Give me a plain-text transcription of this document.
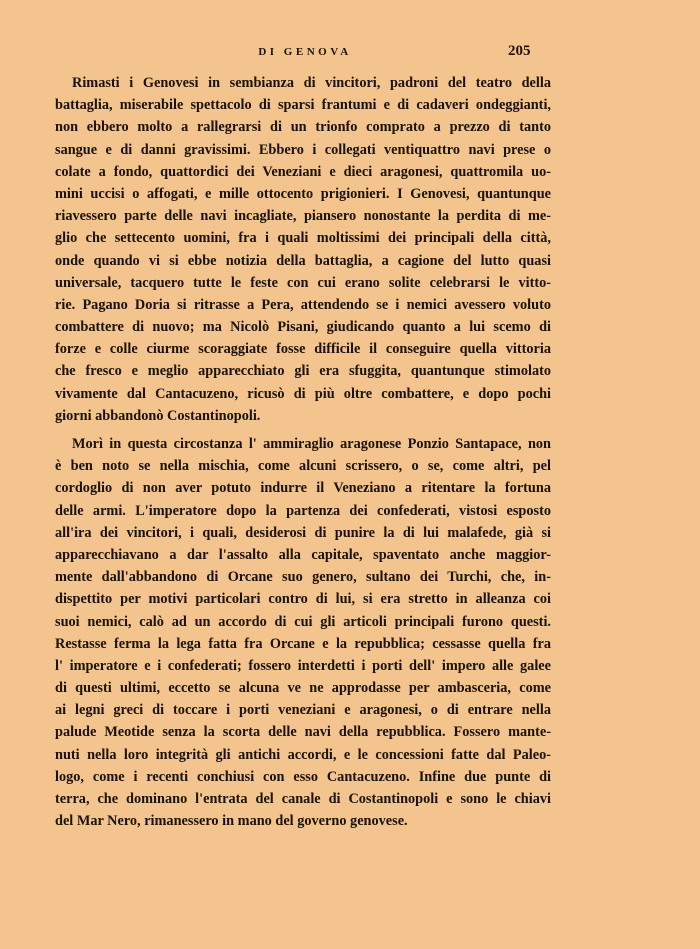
DI GENOVA	205
Rimasti i Genovesi in sembianza di vincitori, padroni del teatro della
battaglia, miserabile spettacolo di sparsi frantumi e di cadaveri ondeggianti,
non ebbero molto a rallegrarsi di un trionfo comprato a prezzo di tanto
sangue e di danni gravissimi. Ebbero i collegati ventiquattro navi prese o
colate a fondo, quattordici dei Veneziani e dieci aragonesi, quattromila uo-
mini uccisi o affogati, e mille ottocento prigionieri. I Genovesi, quantunque
riavessero parte delle navi incagliate, piansero nonostante la perdita di me-
glio che settecento uomini, fra i quali moltissimi dei principali della città,
onde quando vi si ebbe notizia della battaglia, a cagione del lutto quasi
universale, tacquero tutte le feste con cui erano solite celebrarsi le vitto-
rie. Pagano Doria si ritrasse a Pera, attendendo se i nemici avessero voluto
combattere di nuovo; ma Nicolò Pisani, giudicando quanto a lui scemo di
forze e colle ciurme scoraggiate fosse difficile il conseguire quella vittoria
che fresco e meglio apparecchiato gli era sfuggita, quantunque stimolato
vivamente dal Cantacuzeno, ricusò di più oltre combattere, e dopo pochi
giorni abbandonò Costantinopoli.
Morì in questa circostanza l' ammiraglio aragonese Ponzio Santapace, non
è ben noto se nella mischia, come alcuni scrissero, o se, come altri, pel
cordoglio di non aver potuto indurre il Veneziano a ritentare la fortuna
delle armi. L'imperatore dopo la partenza dei confederati, vistosi esposto
all'ira dei vincitori, i quali, desiderosi di punire la di lui malafede, già si
apparecchiavano a dar l'assalto alla capitale, spaventato anche maggior-
mente dall'abbandono di Orcane suo genero, sultano dei Turchi, che, in-
dispettito per motivi particolari contro di lui, si era stretto in alleanza coi
suoi nemici, calò ad un accordo di cui gli articoli principali furono questi.
Restasse ferma la lega fatta fra Orcane e la repubblica; cessasse quella fra
l' imperatore e i confederati; fossero interdetti i porti dell' impero alle galee
di questi ultimi, eccetto se alcuna ve ne approdasse per ambasceria, come
ai legni greci di toccare i porti veneziani e aragonesi, o di entrare nella
palude Meotide senza la scorta delle navi della repubblica. Fossero mante-
nuti nella loro integrità gli antichi accordi, e le concessioni fatte dal Paleo-
logo, come i recenti conchiusi con esso Cantacuzeno. Infine due punte di
terra, che dominano l'entrata del canale di Costantinopoli e sono le chiavi
del Mar Nero, rimanessero in mano del governo genovese.
